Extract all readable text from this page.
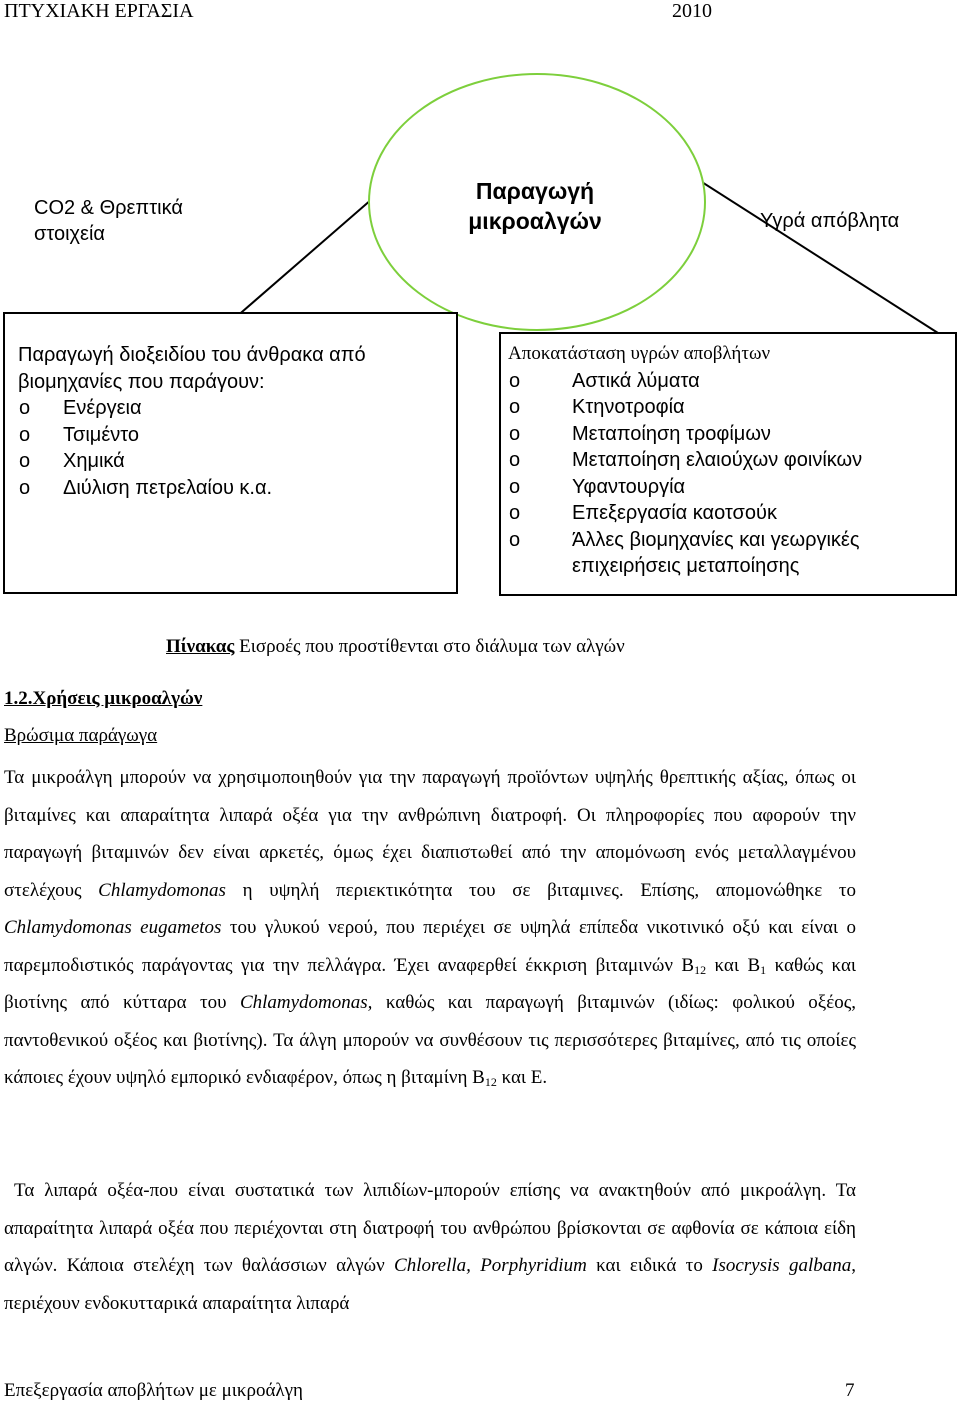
ΠΤΥΧΙΑΚΗ ΕΡΓΑΣΙΑ	2010
CO2 & Θρεπτικά
στοιχεία
Παραγωγή
μικροαλγών	Υγρά απόβλητα
Παραγωγή διοξειδίου του άνθρακα από
βιομηχανίες που παράγουν:
o Ενέργεια
o Τσιμέντο
o Χημικά
o Διύλιση πετρελαίου κ.α.
Αποκατάσταση υγρών αποβλήτων
o	Αστικά λύματα
o	Κτηνοτροφία
o	Μεταποίηση τροφίμων
o	Μεταποίηση ελαιούχων φοινίκων
o	Υφαντουργία
o	Επεξεργασία καοτσούκ
o	Άλλες βιομηχανίες και γεωργικές
επιχειρήσεις μεταποίησης
Πίνακας Εισροές που προστίθενται στο διάλυμα των αλγών
1.2.Χρήσεις μικροαλγών
Βρώσιμα παράγωγα
Τα μικροάλγη μπορούν να χρησιμοποιηθούν για την παραγωγή προϊόντων υψηλής θρεπτικής αξίας, όπως οι βιταμίνες και απαραίτητα λιπαρά οξέα για την ανθρώπινη διατροφή. Οι πληροφορίες που αφορούν την παραγωγή βιταμινών δεν είναι αρκετές, όμως έχει διαπιστωθεί από την απομόνωση ενός μεταλλαγμένου στελέχους Chlamydomonas η υψηλή περιεκτικότητα του σε βιταμινες. Επίσης, απομονώθηκε το Chlamydomonas eugametos του γλυκού νερού, που περιέχει σε υψηλά επίπεδα νικοτινικό οξύ και είναι ο παρεμποδιστικός παράγοντας για την πελλάγρα. Έχει αναφερθεί έκκριση βιταμινών $B_{12}$ και $B_1$ καθώς και βιοτίνης από κύτταρα του Chlamydomonas, καθώς και παραγωγή βιταμινών (ιδίως: φολικού οξέος, παντοθενικού οξέος και βιοτίνης). Τα άλγη μπορούν να συνθέσουν τις περισσότερες βιταμίνες, από τις οποίες κάποιες έχουν υψηλό εμπορικό ενδιαφέρον, όπως η βιταμίνη $B_{12}$ και E.
Τα λιπαρά οξέα-που είναι συστατικά των λιπιδίων-μπορούν επίσης να ανακτηθούν από μικροάλγη. Τα απαραίτητα λιπαρά οξέα που περιέχονται στη διατροφή του ανθρώπου βρίσκονται σε αφθονία σε κάποια είδη αλγών. Κάποια στελέχη των θαλάσσιων αλγών Chlorella, Porphyridium και ειδικά το Isocrysis galbana, περιέχουν ενδοκυτταρικά απαραίτητα λιπαρά
Επεξεργασία αποβλήτων με μικροάλγη	7
